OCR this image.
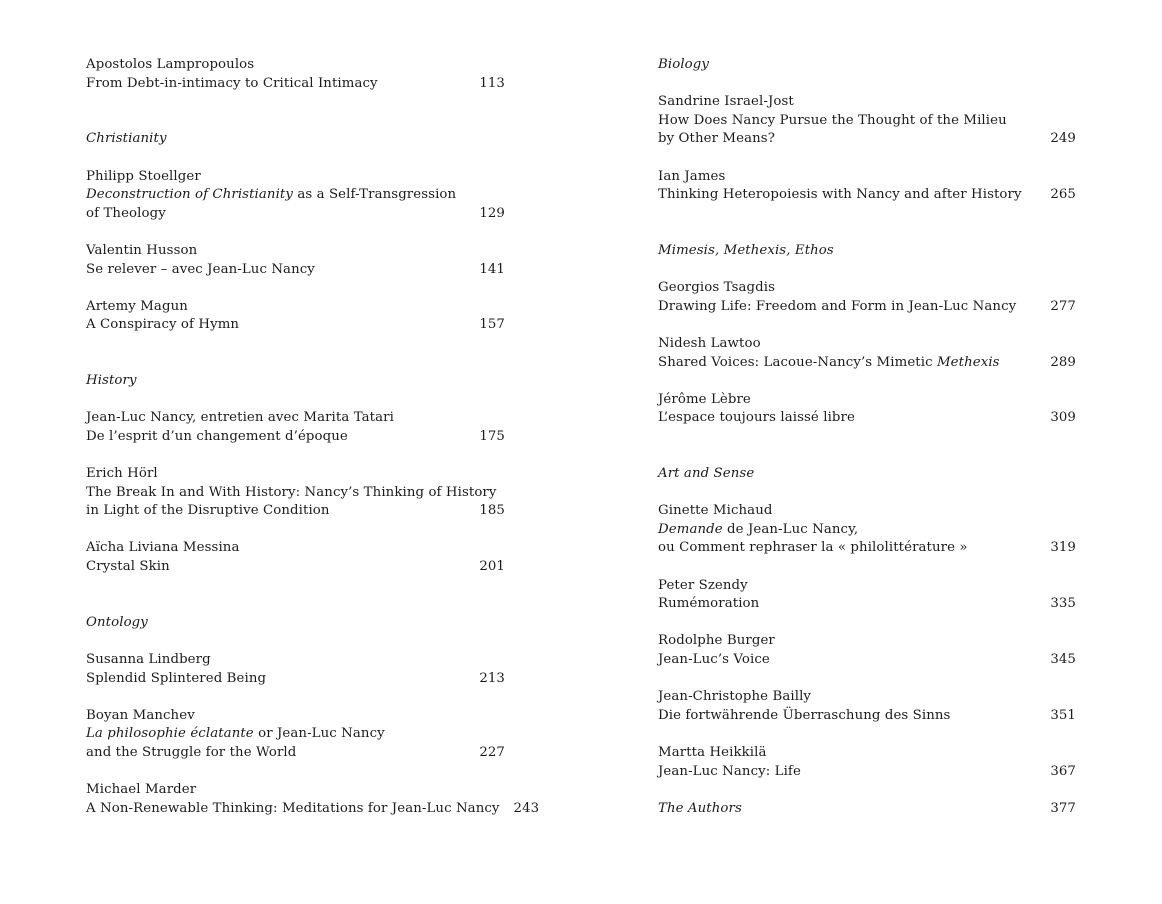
Apostolos Lampropoulos
From Debt-in-intimacy to Critical Intimacy	113
Christianity
Philipp Stoellger
Deconstruction of Christianity as a Self-Transgression
of Theology	129
Valentin Husson
Se relever – avec Jean-Luc Nancy	141
Artemy Magun
A Conspiracy of Hymn	157
History
Jean-Luc Nancy, entretien avec Marita Tatari
De l’esprit d’un changement d’époque	175
Erich Hörl
The Break In and With History: Nancy’s Thinking of History
in Light of the Disruptive Condition	185
Aïcha Liviana Messina
Crystal Skin	201
Ontology
Susanna Lindberg
Splendid Splintered Being	213
Boyan Manchev
La philosophie éclatante or Jean-Luc Nancy
and the Struggle for the World	227
Michael Marder
A Non-Renewable Thinking: Meditations for Jean-Luc Nancy 243
Biology
Sandrine Israel-Jost
How Does Nancy Pursue the Thought of the Milieu
by Other Means?	249
Ian James
Thinking Heteropoiesis with Nancy and after History 265
Mimesis, Methexis, Ethos
Georgios Tsagdis
Drawing Life: Freedom and Form in Jean-Luc Nancy	277
Nidesh Lawtoo
Shared Voices: Lacoue-Nancy’s Mimetic Methexis	289
Jérôme Lèbre
L’espace toujours laissé libre	309
Art and Sense
Ginette Michaud
Demande de Jean-Luc Nancy,
ou Comment rephraser la « philolittérature »	319
Peter Szendy
Rumémoration	335
Rodolphe Burger
Jean-Luc’s Voice	345
Jean-Christophe Bailly
Die fortwährende Überraschung des Sinns	351
Martta Heikkilä
Jean-Luc Nancy: Life	367
The Authors	377
